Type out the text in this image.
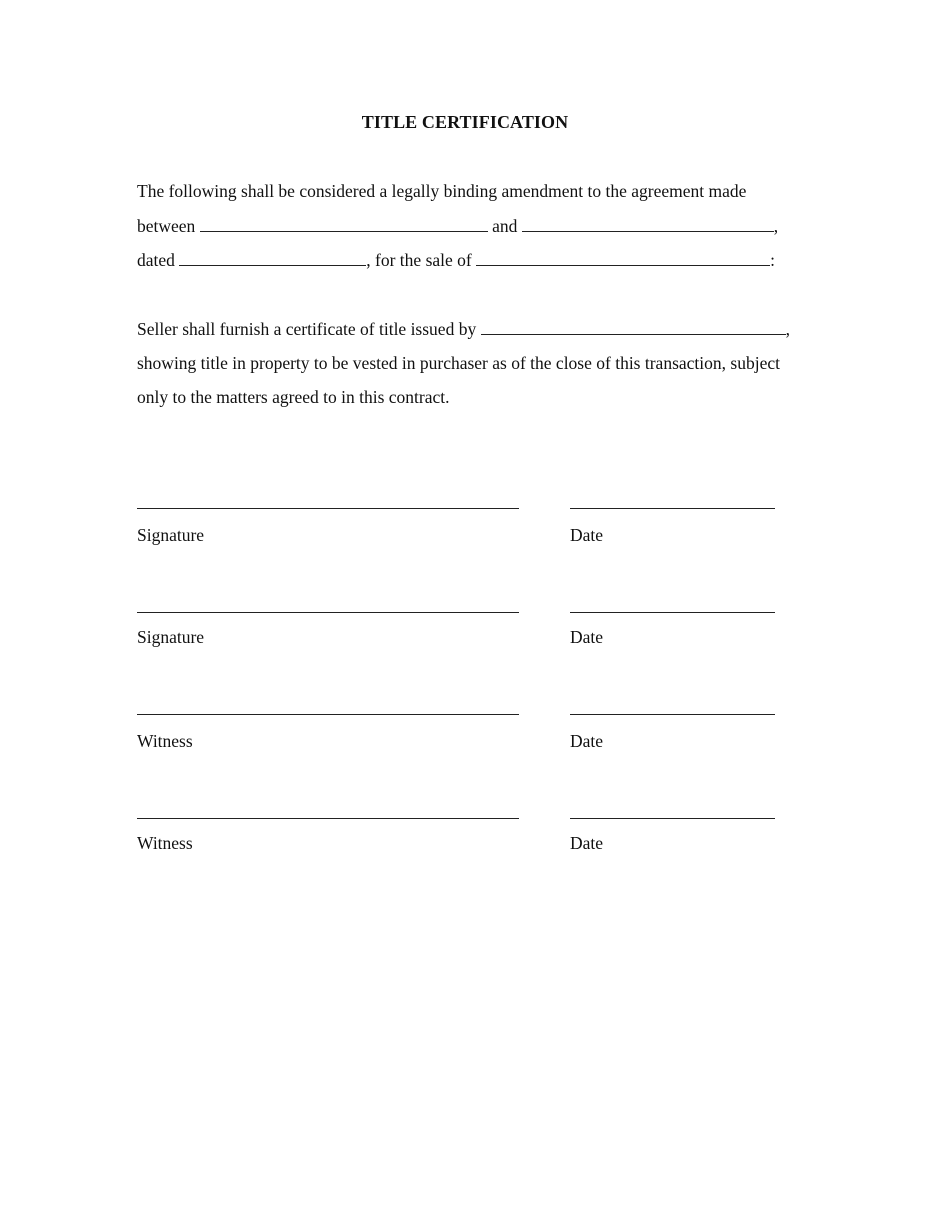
TITLE CERTIFICATION
The following shall be considered a legally binding amendment to the agreement made
between	and	,
dated	, for the sale of	:
Seller shall furnish a certificate of title issued by	,
showing title in property to be vested in purchaser as of the close of this transaction, subject
only to the matters agreed to in this contract.
Signature	Date
Signature	Date
Witness	Date
Witness	Date
